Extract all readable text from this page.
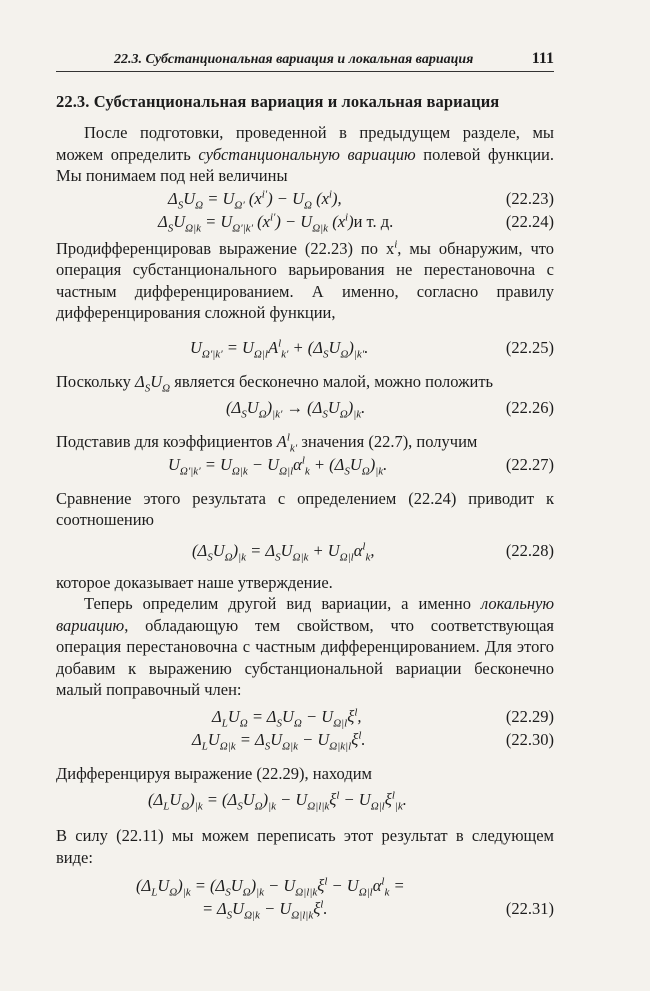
22.3. Субстанциональная вариация и локальная вариация	111
22.3. Субстанциональная вариация и локальная вариация

После подготовки, проведенной в предыдущем разделе, мы можем определить субстанциональную вариацию полевой функции. Мы понимаем под ней величины

$\Delta_SU_\Omega = U_{\Omega'}$ $(x^{i'}) - U_\Omega$ $(x^i)$,	(22.23)
$\Delta_SU_{\Omega|k} = U_{\Omega'|k'}$ $(x^{i'}) - U_{\Omega|k}$ $(x^i)$ и т. д.	(22.24)

Продифференцировав выражение (22.23) по $x^i$, мы обнаружим, что операция субстанционального варьирования не перестановочна с частным дифференцированием. А именно, согласно правилу дифференцирования сложной функции,

$U_{\Omega'|k'} = U_{\Omega|l}A^l_{k'} + (\Delta_SU_\Omega)_{|k'}$.	(22.25)

Поскольку $\Delta_SU_\Omega$ является бесконечно малой, можно положить

$(\Delta_SU_\Omega)_{|k'} \to (\Delta_SU_\Omega)_{|k}$.	(22.26)

Подставив для коэффициентов $A^l_{k'}$ значения (22.7), получим

$U_{\Omega'|k'} = U_{\Omega|k} - U_{\Omega|l}\alpha^l_k + (\Delta_SU_\Omega)_{|k}$.	(22.27)

Сравнение этого результата с определением (22.24) приводит к соотношению

$(\Delta_SU_\Omega)_{|k} = \Delta_SU_{\Omega|k} + U_{\Omega|l}\alpha^l_k$,	(22.28)

которое доказывает наше утверждение.

Теперь определим другой вид вариации, а именно локальную вариацию, обладающую тем свойством, что соответствующая операция перестановочна с частным дифференцированием. Для этого добавим к выражению субстанциональной вариации бесконечно малый поправочный член:

$\Delta_LU_\Omega = \Delta_SU_\Omega - U_{\Omega|l}\xi^l$,	(22.29)
$\Delta_LU_{\Omega|k} = \Delta_SU_{\Omega|k} - U_{\Omega|k|l}\xi^l$.	(22.30)

Дифференцируя выражение (22.29), находим

$(\Delta_LU_\Omega)_{|k} = (\Delta_SU_\Omega)_{|k} - U_{\Omega|l|k}\xi^l - U_{\Omega|l}\xi^l_{|k}$.

В силу (22.11) мы можем переписать этот результат в следующем виде:

$(\Delta_LU_\Omega)_{|k} = (\Delta_SU_\Omega)_{|k} - U_{\Omega|l|k}\xi^l - U_{\Omega|l}\alpha^l_k$ =
= $\Delta_SU_{\Omega|k} - U_{\Omega|l|k}\xi^l$.	(22.31)
